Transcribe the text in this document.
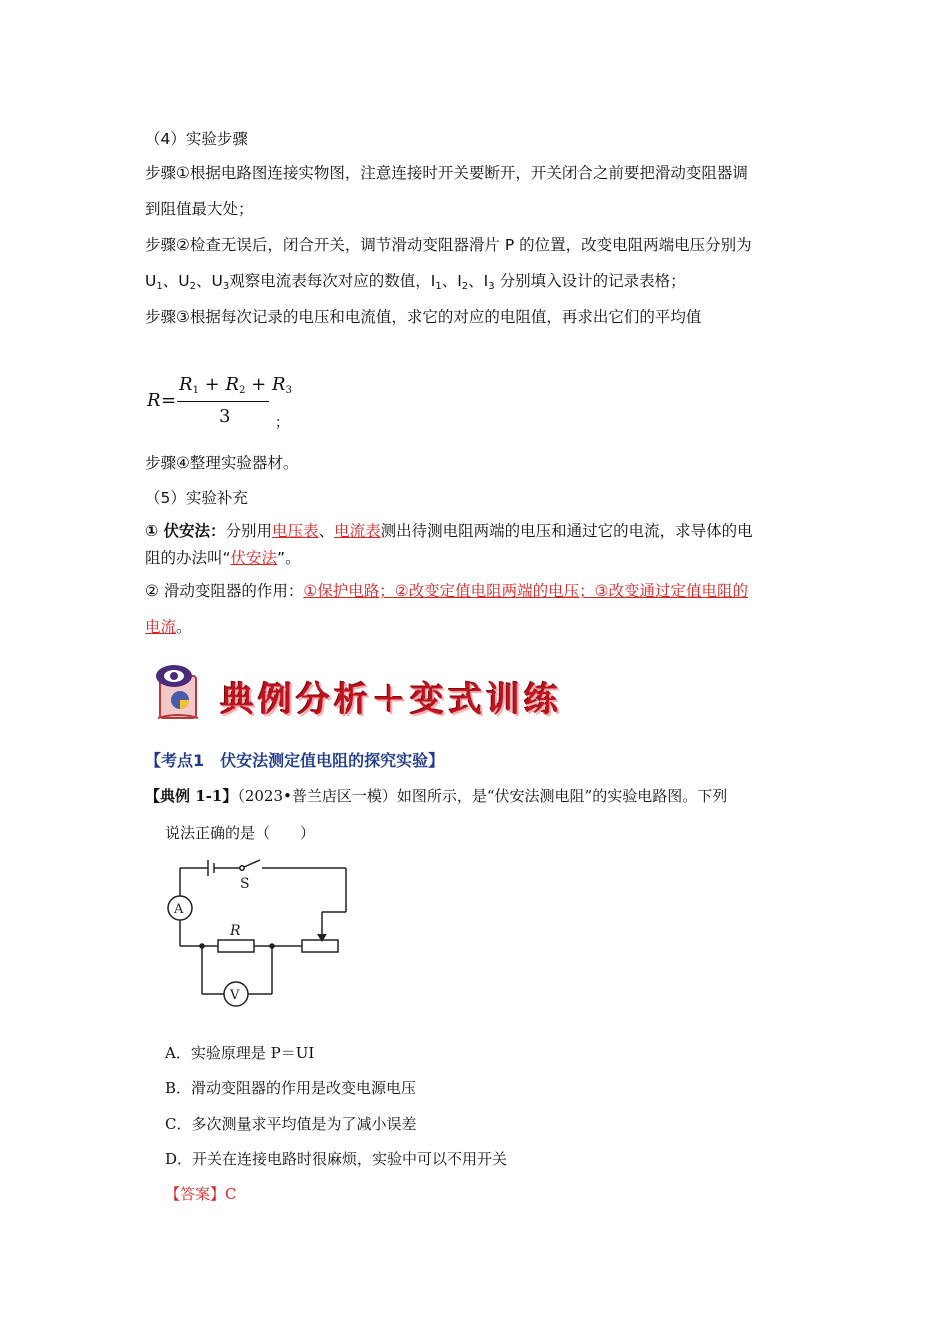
（4）实验步骤
步骤①根据电路图连接实物图，注意连接时开关要断开，开关闭合之前要把滑动变阻器调
到阻值最大处；
步骤②检查无误后，闭合开关，调节滑动变阻器滑片 P 的位置，改变电阻两端电压分别为
$U_1$、$U_2$、$U_3$观察电流表每次对应的数值，$I_1$、$I_2$、$I_3$ 分别填入设计的记录表格；
步骤③根据每次记录的电压和电流值，求它的对应的电阻值，再求出它们的平均值
R =
$R_1 + R_2 + R_3$
3	；
步骤④整理实验器材。
（5）实验补充
① 伏安法：分别用电压表、电流表测出待测电阻两端的电压和通过它的电流，求导体的电
阻的办法叫“伏安法”。
② 滑动变阻器的作用：①保护电路；②改变定值电阻两端的电压；③改变通过定值电阻的
电流。
典例分析＋变式训练
【考点1　伏安法测定值电阻的探究实验】
【典例 1-1】（2023•普兰店区一模）如图所示，是“伏安法测电阻”的实验电路图。下列
说法正确的是（　　）
S
A
R
V
A．实验原理是 P＝UI
B．滑动变阻器的作用是改变电源电压
C．多次测量求平均值是为了减小误差
D．开关在连接电路时很麻烦，实验中可以不用开关
【答案】C
